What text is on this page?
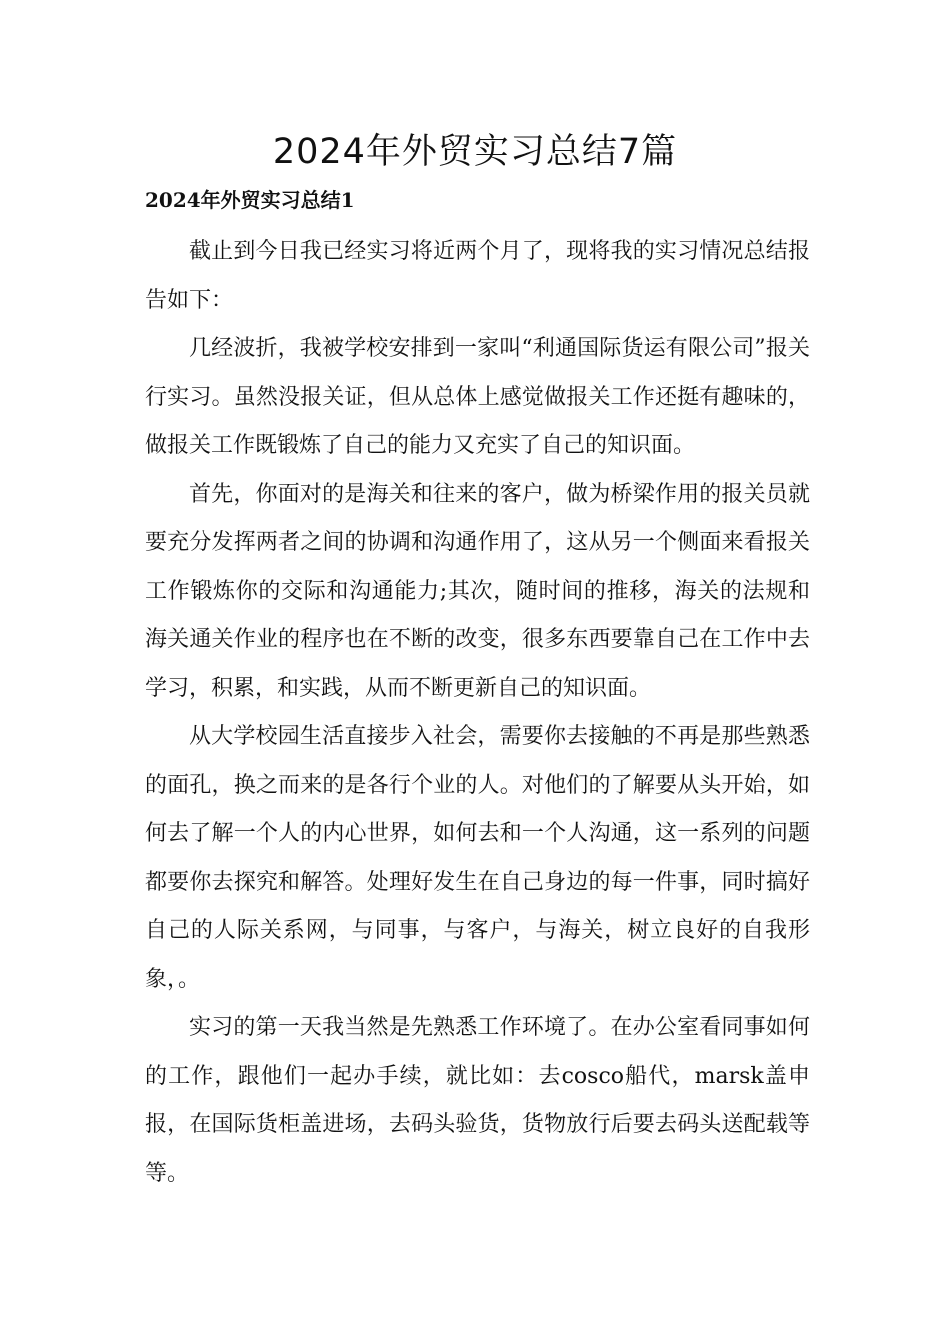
2024年外贸实习总结7篇
2024年外贸实习总结1

截止到今日我已经实习将近两个月了，现将我的实习情况总结报告如下：

几经波折，我被学校安排到一家叫“利通国际货运有限公司”报关行实习。虽然没报关证，但从总体上感觉做报关工作还挺有趣味的，做报关工作既锻炼了自己的能力又充实了自己的知识面。

首先，你面对的是海关和往来的客户，做为桥梁作用的报关员就要充分发挥两者之间的协调和沟通作用了，这从另一个侧面来看报关工作锻炼你的交际和沟通能力;其次，随时间的推移，海关的法规和海关通关作业的程序也在不断的改变，很多东西要靠自己在工作中去学习，积累，和实践，从而不断更新自己的知识面。

从大学校园生活直接步入社会，需要你去接触的不再是那些熟悉的面孔，换之而来的是各行个业的人。对他们的了解要从头开始，如何去了解一个人的内心世界，如何去和一个人沟通，这一系列的问题都要你去探究和解答。处理好发生在自己身边的每一件事，同时搞好自己的人际关系网，与同事，与客户，与海关，树立良好的自我形象，。

实习的第一天我当然是先熟悉工作环境了。在办公室看同事如何的工作，跟他们一起办手续，就比如：去cosco船代，marsk盖申报，在国际货柜盖进场，去码头验货，货物放行后要去码头送配载等等。
